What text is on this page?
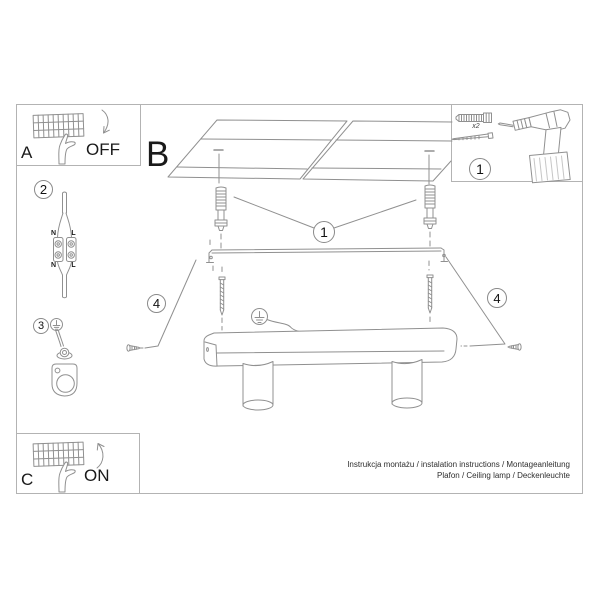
B
A	OFF
C	ON
2
3
1
4	4
1
N	L
N	L
x2
Instrukcja montażu / instalation instructions / Montageanleitung
Plafon / Ceiling lamp / Deckenleuchte
